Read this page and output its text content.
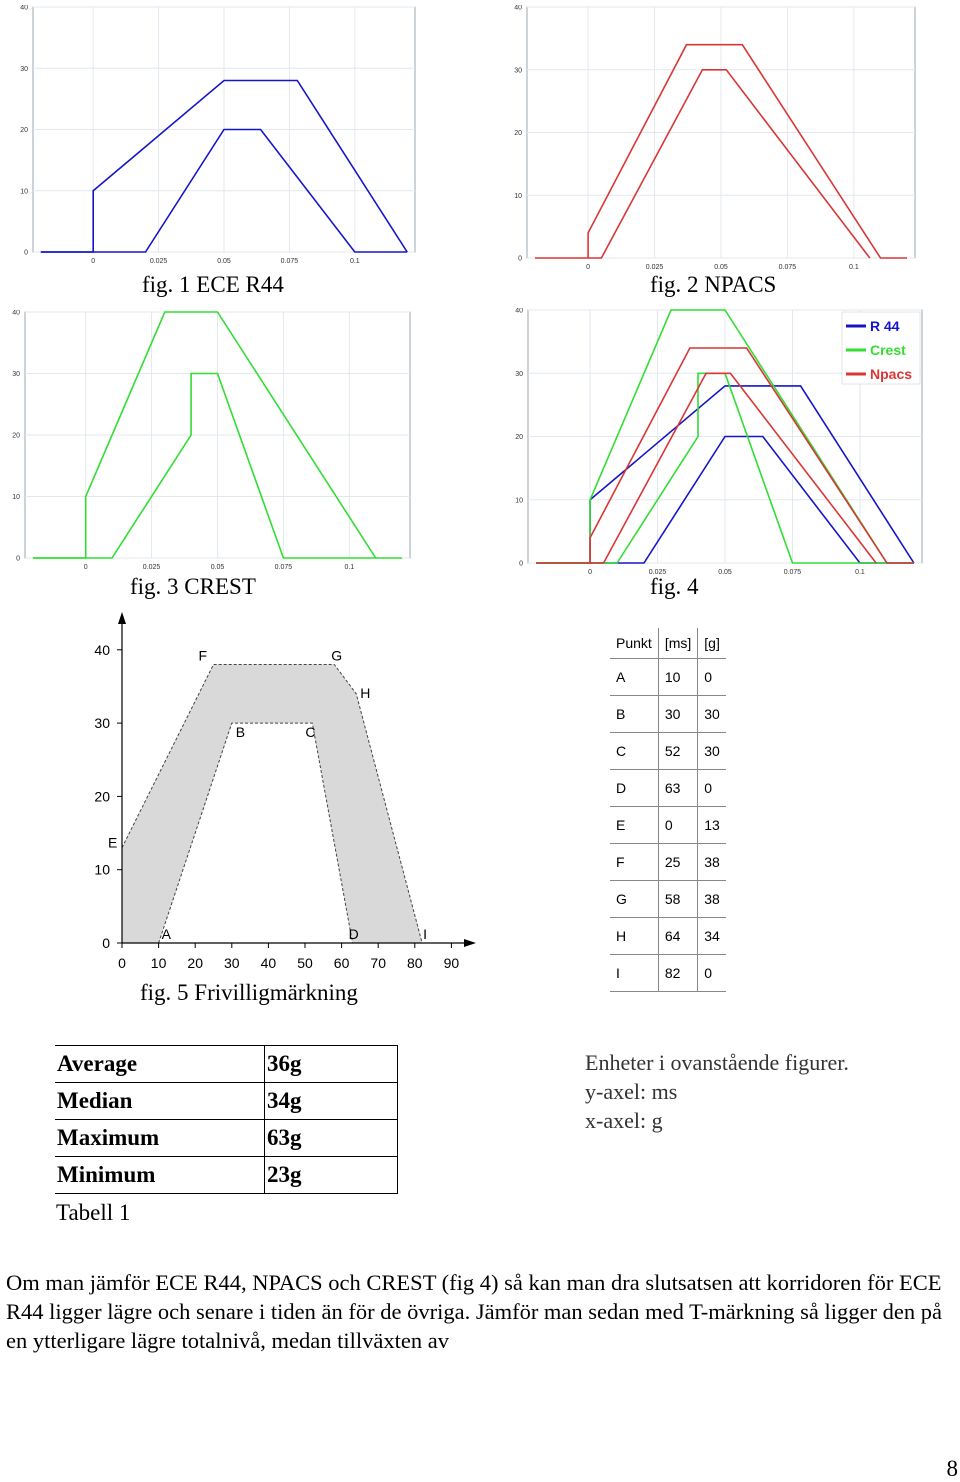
0
10
20
30
40
0	0.025	0.05	0.075	0.1
fig. 1 ECE R44
0
10
20
30
40
0	0.025	0.05	0.075	0.1
fig. 2 NPACS
0
10
20
30
40
0	0.025	0.05	0.075	0.1
fig. 3 CREST
0
10
20
30
40
0	0.025	0.05	0.075	0.1
R 44
Crest
Npacs
fig. 4
0 10 20 30 40 50 60 70 80 90
0
10
20
30
40
A
B	C
D
E
F	G
H
I
fig. 5 Frivilligmärkning
Punkt	[ms]	[g]
A	10	0
B	30	30
C	52	30
D	63	0
E	0	13
F	25	38
G	58	38
H	64	34
I	82	0
Average	36g
Median	34g
Maximum	63g
Minimum	23g
Tabell 1
Enheter i ovanstående figurer.
y-axel: ms
x-axel: g
Om man jämför ECE R44, NPACS och CREST (fig 4) så kan man dra slutsatsen att korridoren för ECE R44 ligger lägre och senare i tiden än för de övriga. Jämför man sedan med T-märkning så ligger den på en ytterligare lägre totalnivå, medan tillväxten av
8
